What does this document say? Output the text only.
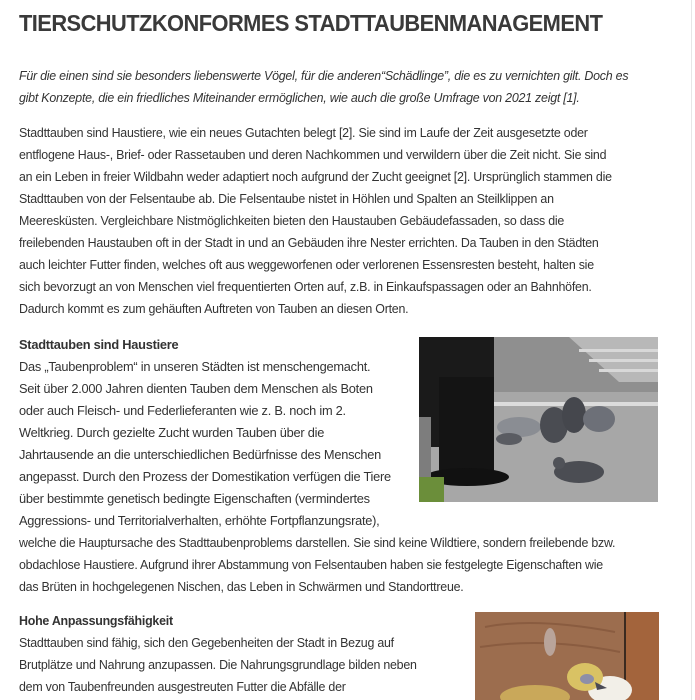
TIERSCHUTZKONFORMES STADTTAUBENMANAGEMENT

Für die einen sind sie besonders liebenswerte Vögel, für die anderen“Schädlinge”, die es zu vernichten gilt. Doch es
gibt Konzepte, die ein friedliches Miteinander ermöglichen, wie auch die große Umfrage von 2021 zeigt [1].

Stadttauben sind Haustiere, wie ein neues Gutachten belegt [2]. Sie sind im Laufe der Zeit ausgesetzte oder
entflogene Haus-, Brief- oder Rassetauben und deren Nachkommen und verwildern über die Zeit nicht. Sie sind
an ein Leben in freier Wildbahn weder adaptiert noch aufgrund der Zucht geeignet [2]. Ursprünglich stammen die
Stadttauben von der Felsentaube ab. Die Felsentaube nistet in Höhlen und Spalten an Steilklippen an
Meeresküsten. Vergleichbare Nistmöglichkeiten bieten den Haustauben Gebäudefassaden, so dass die
freilebenden Haustauben oft in der Stadt in und an Gebäuden ihre Nester errichten. Da Tauben in den Städten
auch leichter Futter finden, welches oft aus weggeworfenen oder verlorenen Essensresten besteht, halten sie
sich bevorzugt an von Menschen viel frequentierten Orten auf, z.B. in Einkaufspassagen oder an Bahnhöfen.
Dadurch kommt es zum gehäuften Auftreten von Tauben an diesen Orten.

Stadttauben sind Haustiere
Das „Taubenproblem“ in unseren Städten ist menschengemacht.
Seit über 2.000 Jahren dienten Tauben dem Menschen als Boten
oder auch Fleisch- und Federlieferanten wie z. B. noch im 2.
Weltkrieg. Durch gezielte Zucht wurden Tauben über die
Jahrtausende an die unterschiedlichen Bedürfnisse des Menschen
angepasst. Durch den Prozess der Domestikation verfügen die Tiere
über bestimmte genetisch bedingte Eigenschaften (vermindertes
Aggressions- und Territorialverhalten, erhöhte Fortpflanzungsrate),
welche die Hauptursache des Stadttaubenproblems darstellen. Sie sind keine Wildtiere, sondern freilebende bzw.
obdachlose Haustiere. Aufgrund ihrer Abstammung von Felsentauben haben sie festgelegte Eigenschaften wie
das Brüten in hochgelegenen Nischen, das Leben in Schwärmen und Standorttreue.

Hohe Anpassungsfähigkeit
Stadttauben sind fähig, sich den Gegebenheiten der Stadt in Bezug auf
Brutplätze und Nahrung anzupassen. Die Nahrungsgrundlage bilden neben
dem von Taubenfreunden ausgestreuten Futter die Abfälle der
